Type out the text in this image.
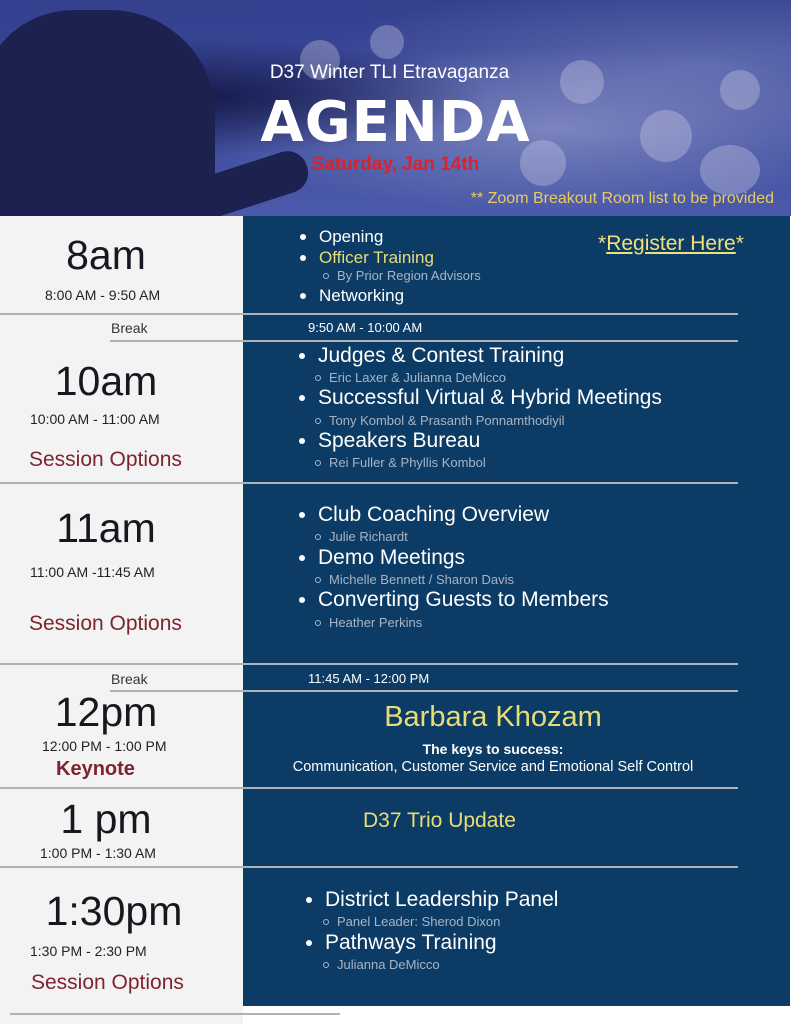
D37 Winter TLI Etravaganza
AGENDA
Saturday, Jan 14th
** Zoom Breakout Room list to be provided
*Register Here*
8am
8:00 AM - 9:50 AM
Opening
Officer Training
By Prior Region Advisors
Networking
Break	9:50 AM - 10:00 AM
10am
10:00 AM - 11:00 AM
Session Options
Judges & Contest Training
Eric Laxer & Julianna DeMicco
Successful Virtual & Hybrid Meetings
Tony Kombol & Prasanth Ponnamthodiyil
Speakers Bureau
Rei Fuller & Phyllis Kombol
11am
11:00 AM -11:45 AM
Session Options
Club Coaching Overview
Julie Richardt
Demo Meetings
Michelle Bennett / Sharon Davis
Converting Guests to Members
Heather Perkins
Break	11:45 AM - 12:00 PM
12pm
12:00 PM - 1:00 PM
Keynote
Barbara Khozam
The keys to success:
Communication, Customer Service and Emotional Self Control
1 pm
1:00 PM - 1:30 AM
D37 Trio Update
1:30pm
1:30 PM - 2:30 PM
Session Options
District Leadership Panel
Panel Leader: Sherod Dixon
Pathways Training
Julianna DeMicco
